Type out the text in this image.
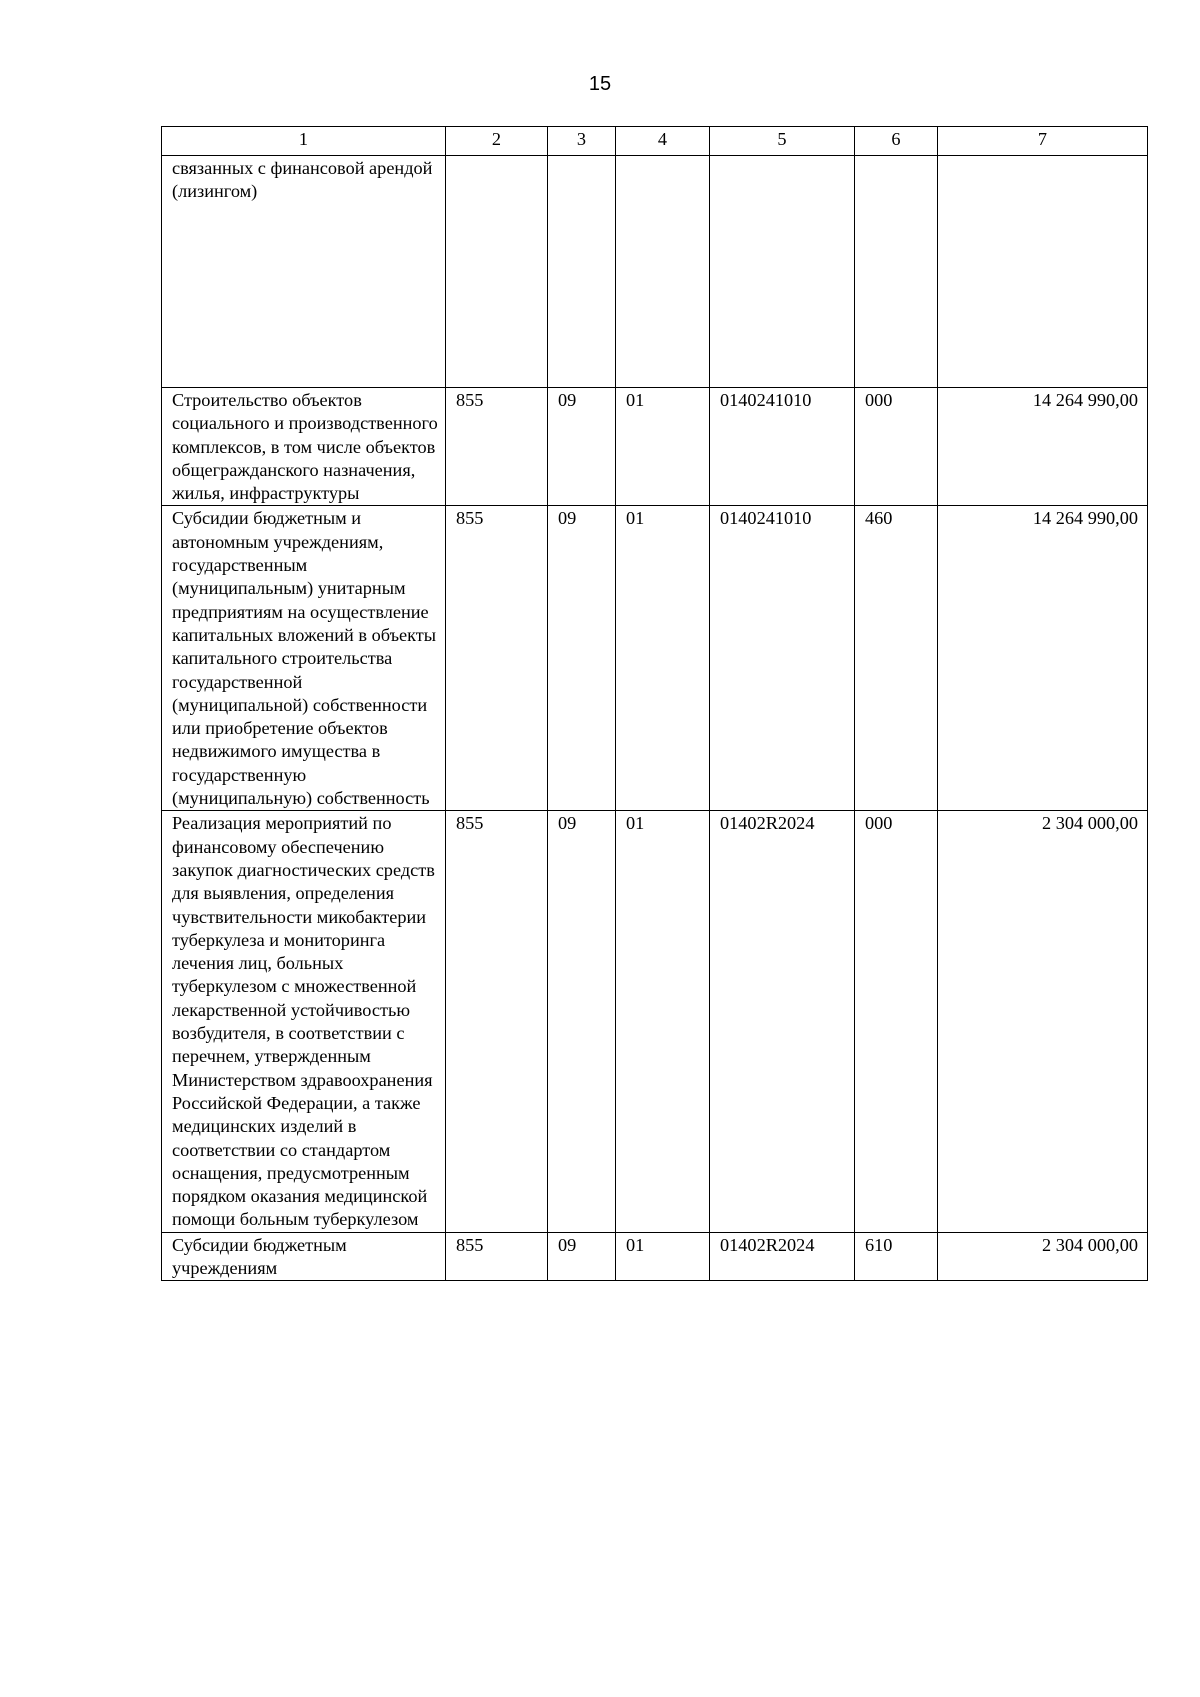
15
1	2	3	4	5	6	7
связанных с финансовой арендой (лизингом)						
Строительство объектов социального и производственного комплексов, в том числе объектов общегражданского назначения, жилья, инфраструктуры	855	09	01	0140241010	000	14 264 990,00
Субсидии бюджетным и автономным учреждениям, государственным (муниципальным) унитарным предприятиям на осуществление капитальных вложений в объекты капитального строительства государственной (муниципальной) собственности или приобретение объектов недвижимого имущества в государственную (муниципальную) собственность	855	09	01	0140241010	460	14 264 990,00
Реализация мероприятий по финансовому обеспечению закупок диагностических средств для выявления, определения чувствительности микобактерии туберкулеза и мониторинга лечения лиц, больных туберкулезом с множественной лекарственной устойчивостью возбудителя, в соответствии с перечнем, утвержденным Министерством здравоохранения Российской Федерации, а также медицинских изделий в соответствии со стандартом оснащения, предусмотренным порядком оказания медицинской помощи больным туберкулезом	855	09	01	01402R2024	000	2 304 000,00
Субсидии бюджетным учреждениям	855	09	01	01402R2024	610	2 304 000,00
